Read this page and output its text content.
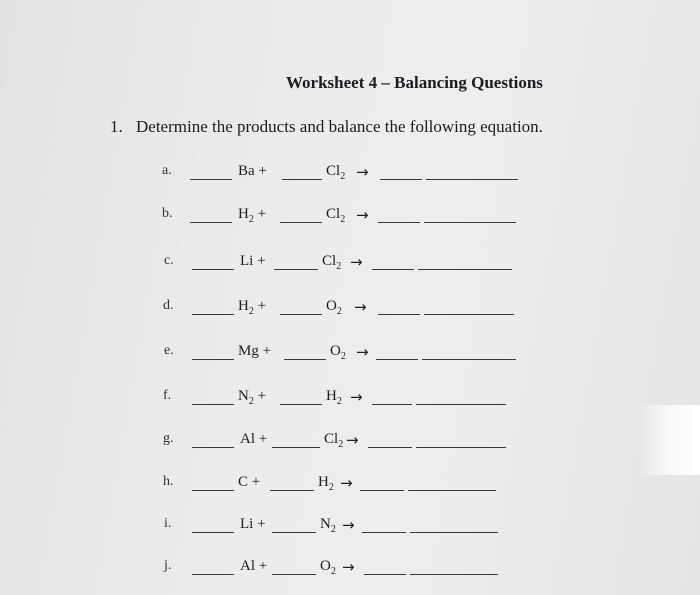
Worksheet 4 – Balancing Questions
1. Determine the products and balance the following equation.
a.	Ba +	$Cl_2$ →
b.	$H_2$ +	$Cl_2$ →
c.	Li +	$Cl_2$ →
d.	$H_2$ +	$O_2$ →
e.	Mg +	$O_2$ →
f.	$N_2$ +	$H_2$ →
g.	Al +	$Cl_2$ →
h.	C +	$H_2$ →
i.	Li +	$N_2$ →
j.	Al +	$O_2$ →
